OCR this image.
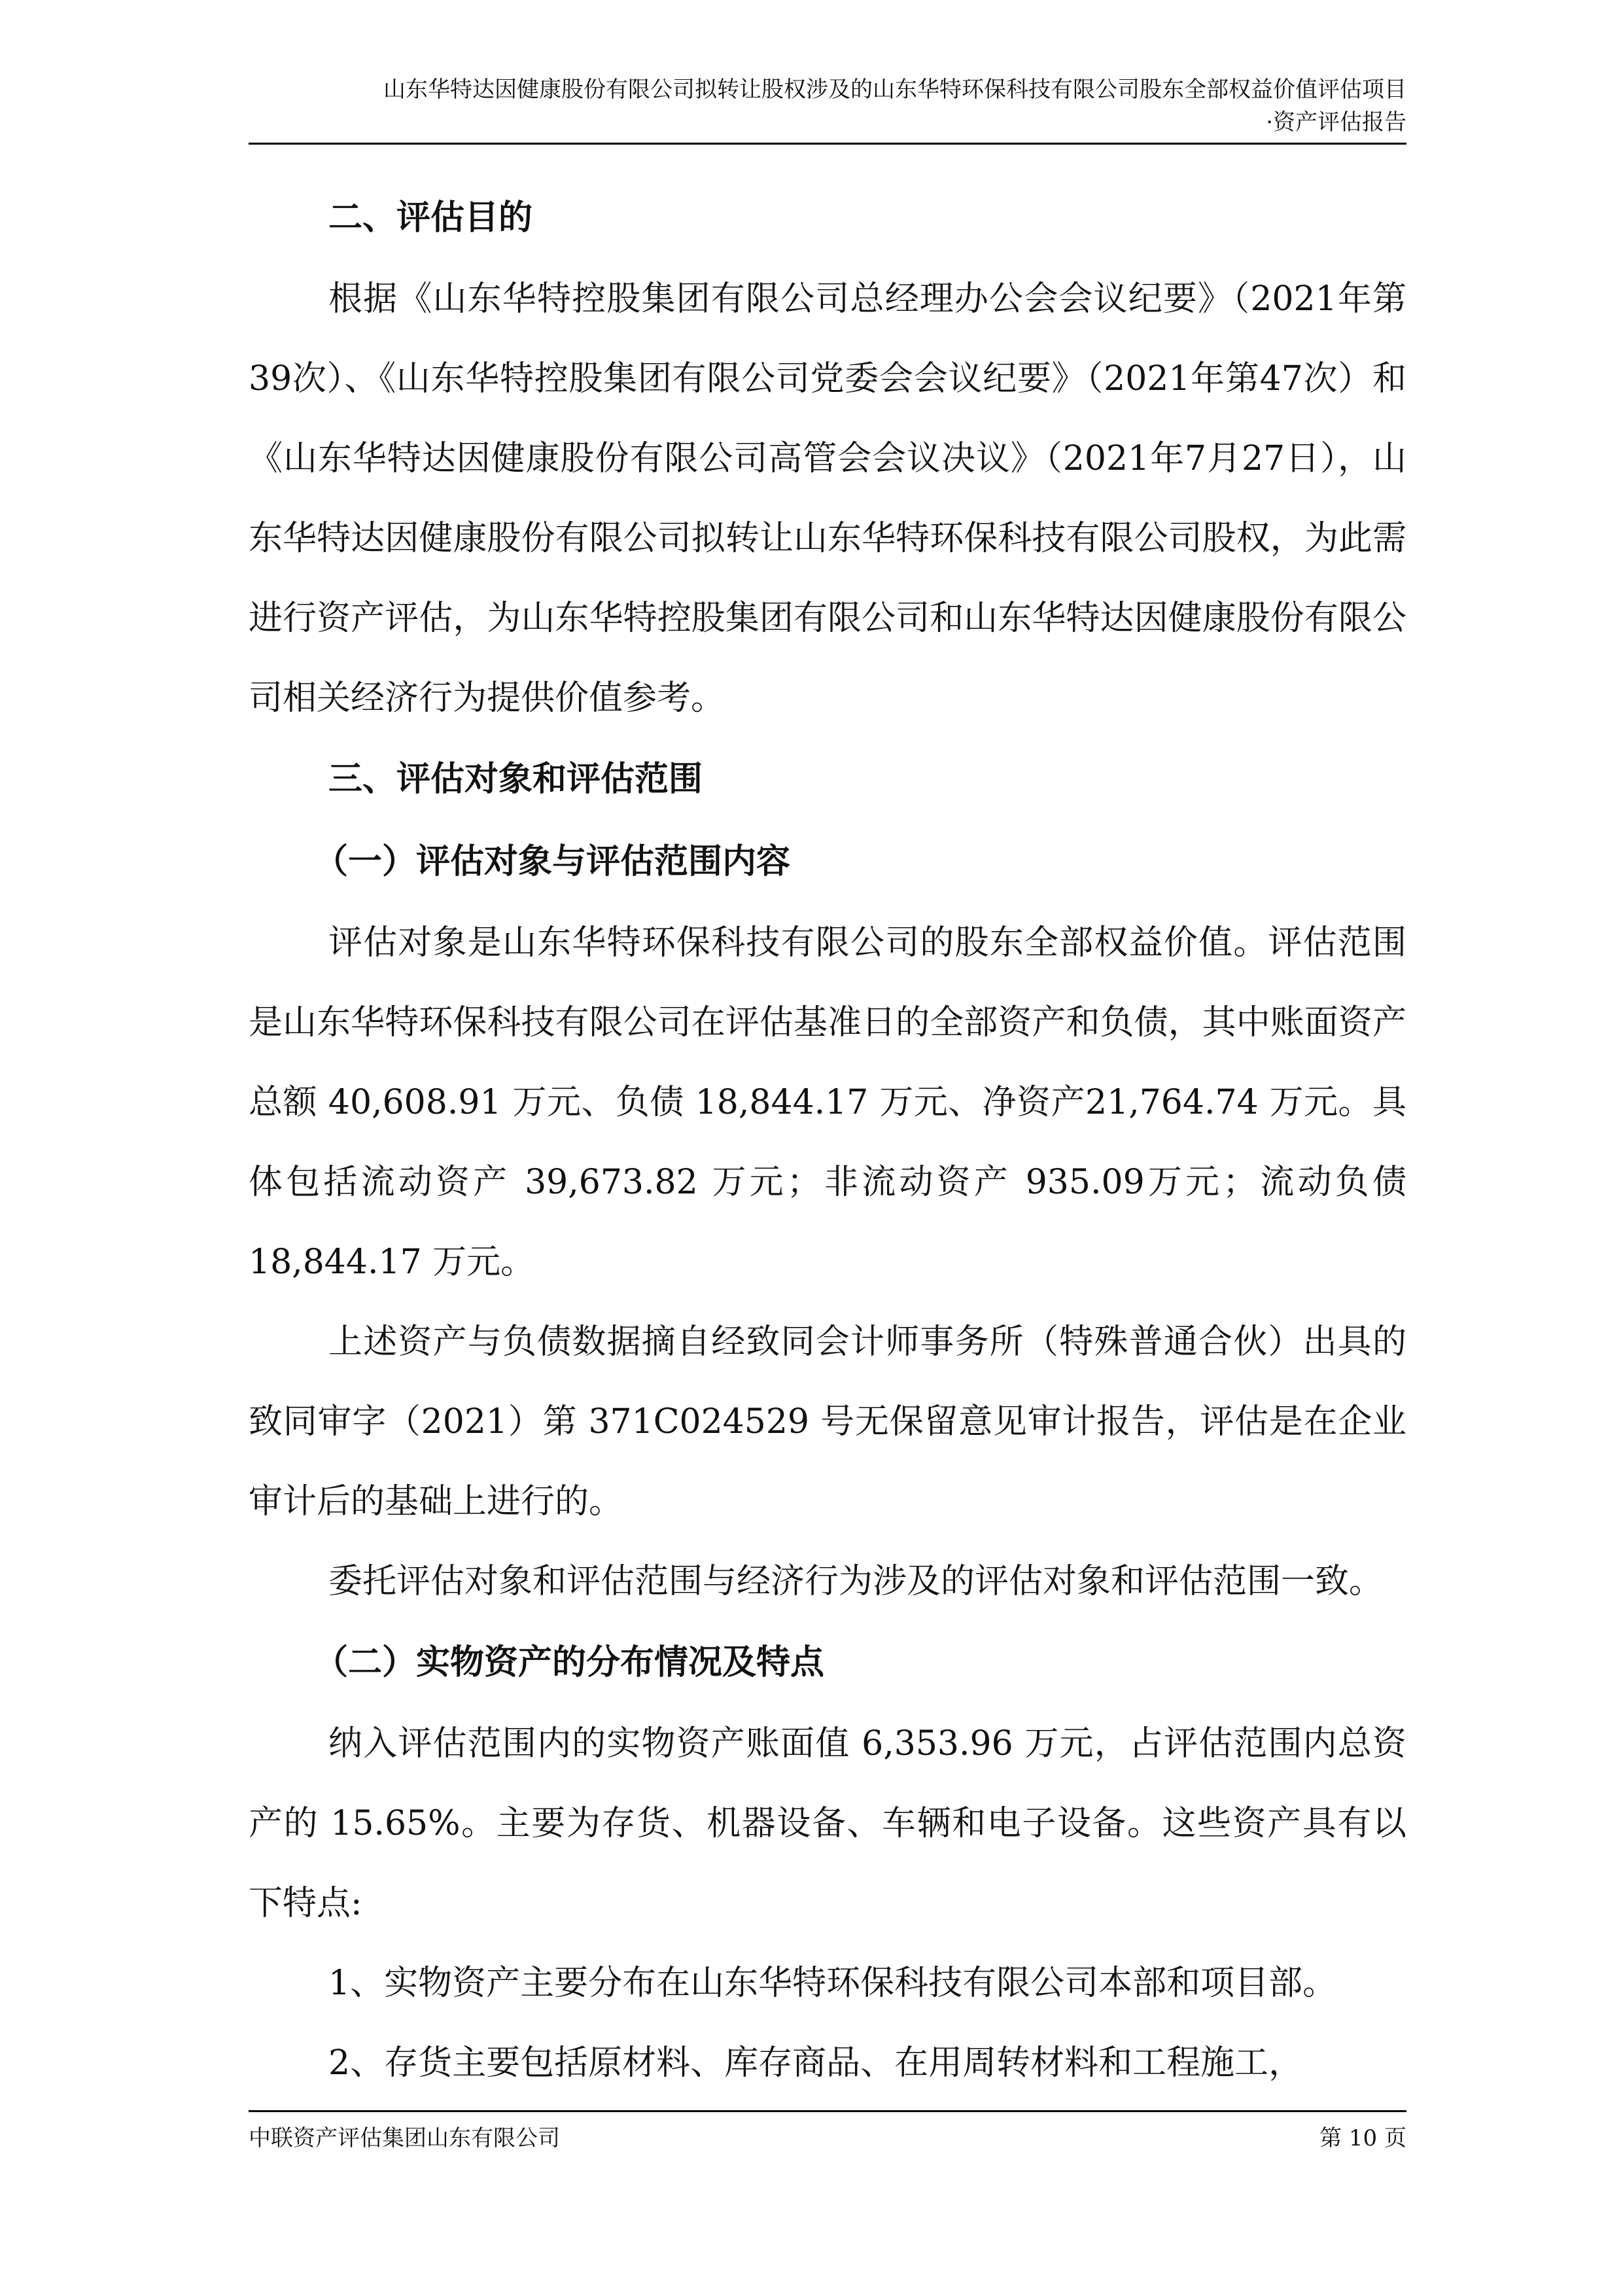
山东华特达因健康股份有限公司拟转让股权涉及的山东华特环保科技有限公司股东全部权益价值评估项目
·资产评估报告
二、评估目的

根据《山东华特控股集团有限公司总经理办公会会议纪要》（2021年第39次）、《山东华特控股集团有限公司党委会会议纪要》（2021年第47次）和《山东华特达因健康股份有限公司高管会会议决议》（2021年7月27日），山东华特达因健康股份有限公司拟转让山东华特环保科技有限公司股权，为此需进行资产评估，为山东华特控股集团有限公司和山东华特达因健康股份有限公司相关经济行为提供价值参考。

三、评估对象和评估范围
（一）评估对象与评估范围内容

评估对象是山东华特环保科技有限公司的股东全部权益价值。评估范围是山东华特环保科技有限公司在评估基准日的全部资产和负债，其中账面资产总额 40,608.91 万元、负债 18,844.17 万元、净资产21,764.74 万元。具体包括流动资产 39,673.82 万元；非流动资产 935.09万元；流动负债 18,844.17 万元。

上述资产与负债数据摘自经致同会计师事务所（特殊普通合伙）出具的致同审字（2021）第 371C024529 号无保留意见审计报告，评估是在企业审计后的基础上进行的。

委托评估对象和评估范围与经济行为涉及的评估对象和评估范围一致。

（二）实物资产的分布情况及特点

纳入评估范围内的实物资产账面值 6,353.96 万元，占评估范围内总资产的 15.65%。主要为存货、机器设备、车辆和电子设备。这些资产具有以下特点:

1、实物资产主要分布在山东华特环保科技有限公司本部和项目部。

2、存货主要包括原材料、库存商品、在用周转材料和工程施工，

中联资产评估集团山东有限公司	第 10 页
